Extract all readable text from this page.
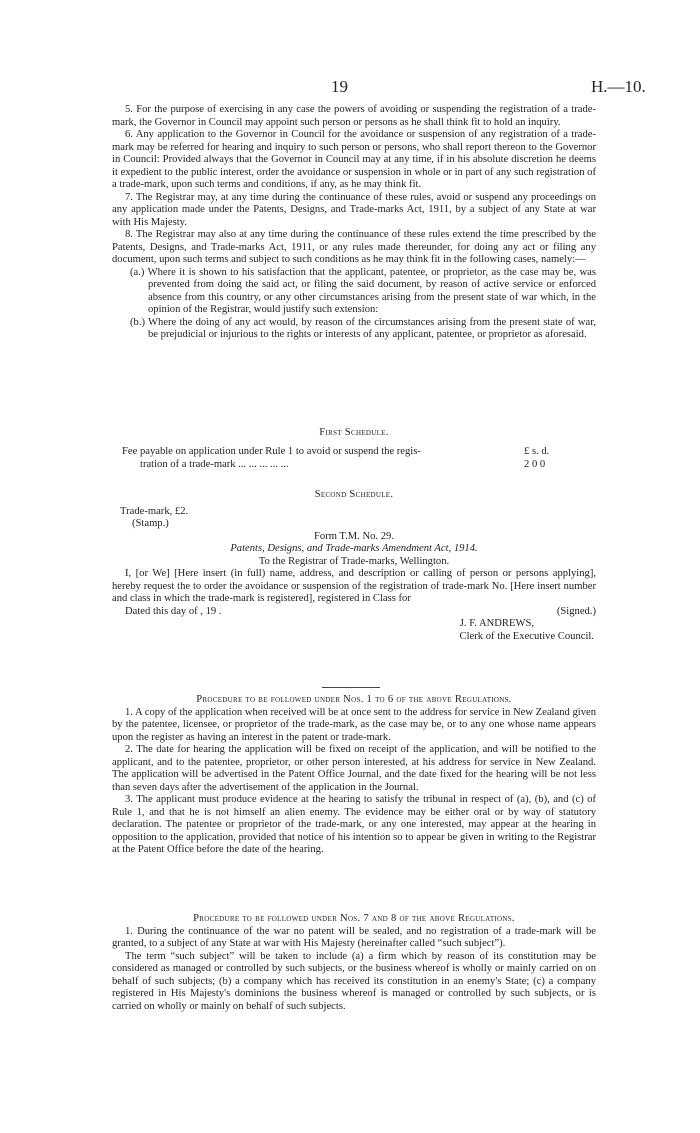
19	H.—10.

5. For the purpose of exercising in any case the powers of avoiding or suspending the registration of a trade-mark, the Governor in Council may appoint such person or persons as he shall think fit to hold an inquiry.

6. Any application to the Governor in Council for the avoidance or suspension of any registration of a trade-mark may be referred for hearing and inquiry to such person or persons, who shall report thereon to the Governor in Council: Provided always that the Governor in Council may at any time, if in his absolute discretion he deems it expedient to the public interest, order the avoidance or suspension in whole or in part of any such registration of a trade-mark, upon such terms and conditions, if any, as he may think fit.

7. The Registrar may, at any time during the continuance of these rules, avoid or suspend any proceedings on any application made under the Patents, Designs, and Trade-marks Act, 1911, by a subject of any State at war with His Majesty.

8. The Registrar may also at any time during the continuance of these rules extend the time prescribed by the Patents, Designs, and Trade-marks Act, 1911, or any rules made thereunder, for doing any act or filing any document, upon such terms and subject to such conditions as he may think fit in the following cases, namely:—

(a.) Where it is shown to his satisfaction that the applicant, patentee, or proprietor, as the case may be, was prevented from doing the said act, or filing the said document, by reason of active service or enforced absence from this country, or any other circumstances arising from the present state of war which, in the opinion of the Registrar, would justify such extension:

(b.) Where the doing of any act would, by reason of the circumstances arising from the present state of war, be prejudicial or injurious to the rights or interests of any applicant, patentee, or proprietor as aforesaid.

First Schedule.

Fee payable on application under Rule 1 to avoid or suspend the regis-	£ s. d.
tration of a trade-mark ... ... ... ... ...	2 0 0

Second Schedule.

Trade-mark, £2.

(Stamp.)

Form T.M. No. 29.

Patents, Designs, and Trade-marks Amendment Act, 1914.

To the Registrar of Trade-marks, Wellington.

I, [or We] [Here insert (in full) name, address, and description or calling of person or persons applying], hereby request the to order the avoidance or suspension of the registration of trade-mark No. [Here insert number and class in which the trade-mark is registered], registered in Class for

Dated this day of , 19 .	(Signed.)

J. F. ANDREWS,

Clerk of the Executive Council.

Procedure to be followed under Nos. 1 to 6 of the above Regulations.

1. A copy of the application when received will be at once sent to the address for service in New Zealand given by the patentee, licensee, or proprietor of the trade-mark, as the case may be, or to any one whose name appears upon the register as having an interest in the patent or trade-mark.

2. The date for hearing the application will be fixed on receipt of the application, and will be notified to the applicant, and to the patentee, proprietor, or other person interested, at his address for service in New Zealand. The application will be advertised in the Patent Office Journal, and the date fixed for the hearing will be not less than seven days after the advertisement of the application in the Journal.

3. The applicant must produce evidence at the hearing to satisfy the tribunal in respect of (a), (b), and (c) of Rule 1, and that he is not himself an alien enemy. The evidence may be either oral or by way of statutory declaration. The patentee or proprietor of the trade-mark, or any one interested, may appear at the hearing in opposition to the application, provided that notice of his intention so to appear be given in writing to the Registrar at the Patent Office before the date of the hearing.

Procedure to be followed under Nos. 7 and 8 of the above Regulations.

1. During the continuance of the war no patent will be sealed, and no registration of a trade-mark will be granted, to a subject of any State at war with His Majesty (hereinafter called “such subject”).

The term “such subject” will be taken to include (a) a firm which by reason of its constitution may be considered as managed or controlled by such subjects, or the business whereof is wholly or mainly carried on on behalf of such subjects; (b) a company which has received its constitution in an enemy's State; (c) a company registered in His Majesty's dominions the business whereof is managed or controlled by such subjects, or is carried on wholly or mainly on behalf of such subjects.
